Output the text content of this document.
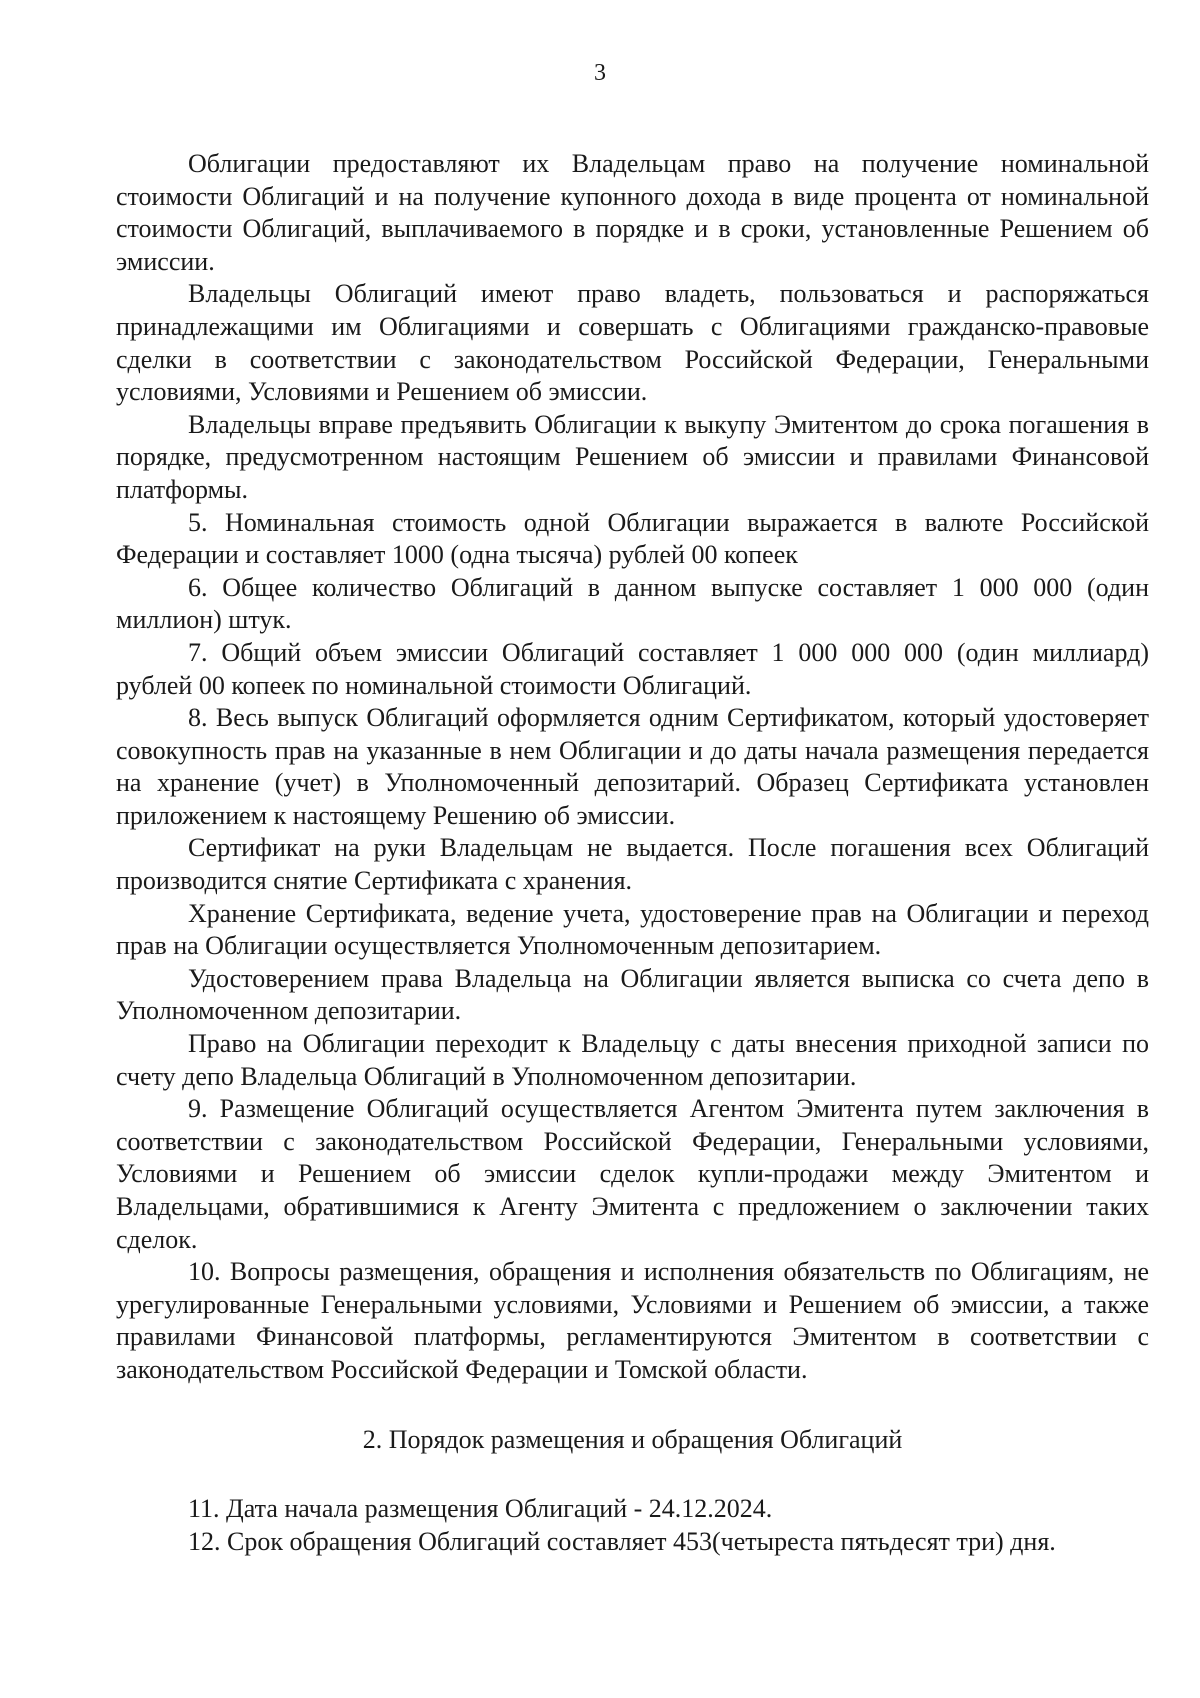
3

Облигации предоставляют их Владельцам право на получение номинальной стоимости Облигаций и на получение купонного дохода в виде процента от номинальной стоимости Облигаций, выплачиваемого в порядке и в сроки, установленные Решением об эмиссии.

Владельцы Облигаций имеют право владеть, пользоваться и распоряжаться принадлежащими им Облигациями и совершать с Облигациями гражданско-правовые сделки в соответствии с законодательством Российской Федерации, Генеральными условиями, Условиями и Решением об эмиссии.

Владельцы вправе предъявить Облигации к выкупу Эмитентом до срока погашения в порядке, предусмотренном настоящим Решением об эмиссии и правилами Финансовой платформы.

5. Номинальная стоимость одной Облигации выражается в валюте Российской Федерации и составляет 1000 (одна тысяча) рублей 00 копеек

6. Общее количество Облигаций в данном выпуске составляет 1 000 000 (один миллион) штук.

7. Общий объем эмиссии Облигаций составляет 1 000 000 000 (один миллиард) рублей 00 копеек по номинальной стоимости Облигаций.

8. Весь выпуск Облигаций оформляется одним Сертификатом, который удостоверяет совокупность прав на указанные в нем Облигации и до даты начала размещения передается на хранение (учет) в Уполномоченный депозитарий. Образец Сертификата установлен приложением к настоящему Решению об эмиссии.

Сертификат на руки Владельцам не выдается. После погашения всех Облигаций производится снятие Сертификата с хранения.

Хранение Сертификата, ведение учета, удостоверение прав на Облигации и переход прав на Облигации осуществляется Уполномоченным депозитарием.

Удостоверением права Владельца на Облигации является выписка со счета депо в Уполномоченном депозитарии.

Право на Облигации переходит к Владельцу с даты внесения приходной записи по счету депо Владельца Облигаций в Уполномоченном депозитарии.

9. Размещение Облигаций осуществляется Агентом Эмитента путем заключения в соответствии с законодательством Российской Федерации, Генеральными условиями, Условиями и Решением об эмиссии сделок купли-продажи между Эмитентом и Владельцами, обратившимися к Агенту Эмитента с предложением о заключении таких сделок.

10. Вопросы размещения, обращения и исполнения обязательств по Облигациям, не урегулированные Генеральными условиями, Условиями и Решением об эмиссии, а также правилами Финансовой платформы, регламентируются Эмитентом в соответствии с законодательством Российской Федерации и Томской области.

2. Порядок размещения и обращения Облигаций

11. Дата начала размещения Облигаций - 24.12.2024.

12. Срок обращения Облигаций составляет 453(четыреста пятьдесят три) дня.
